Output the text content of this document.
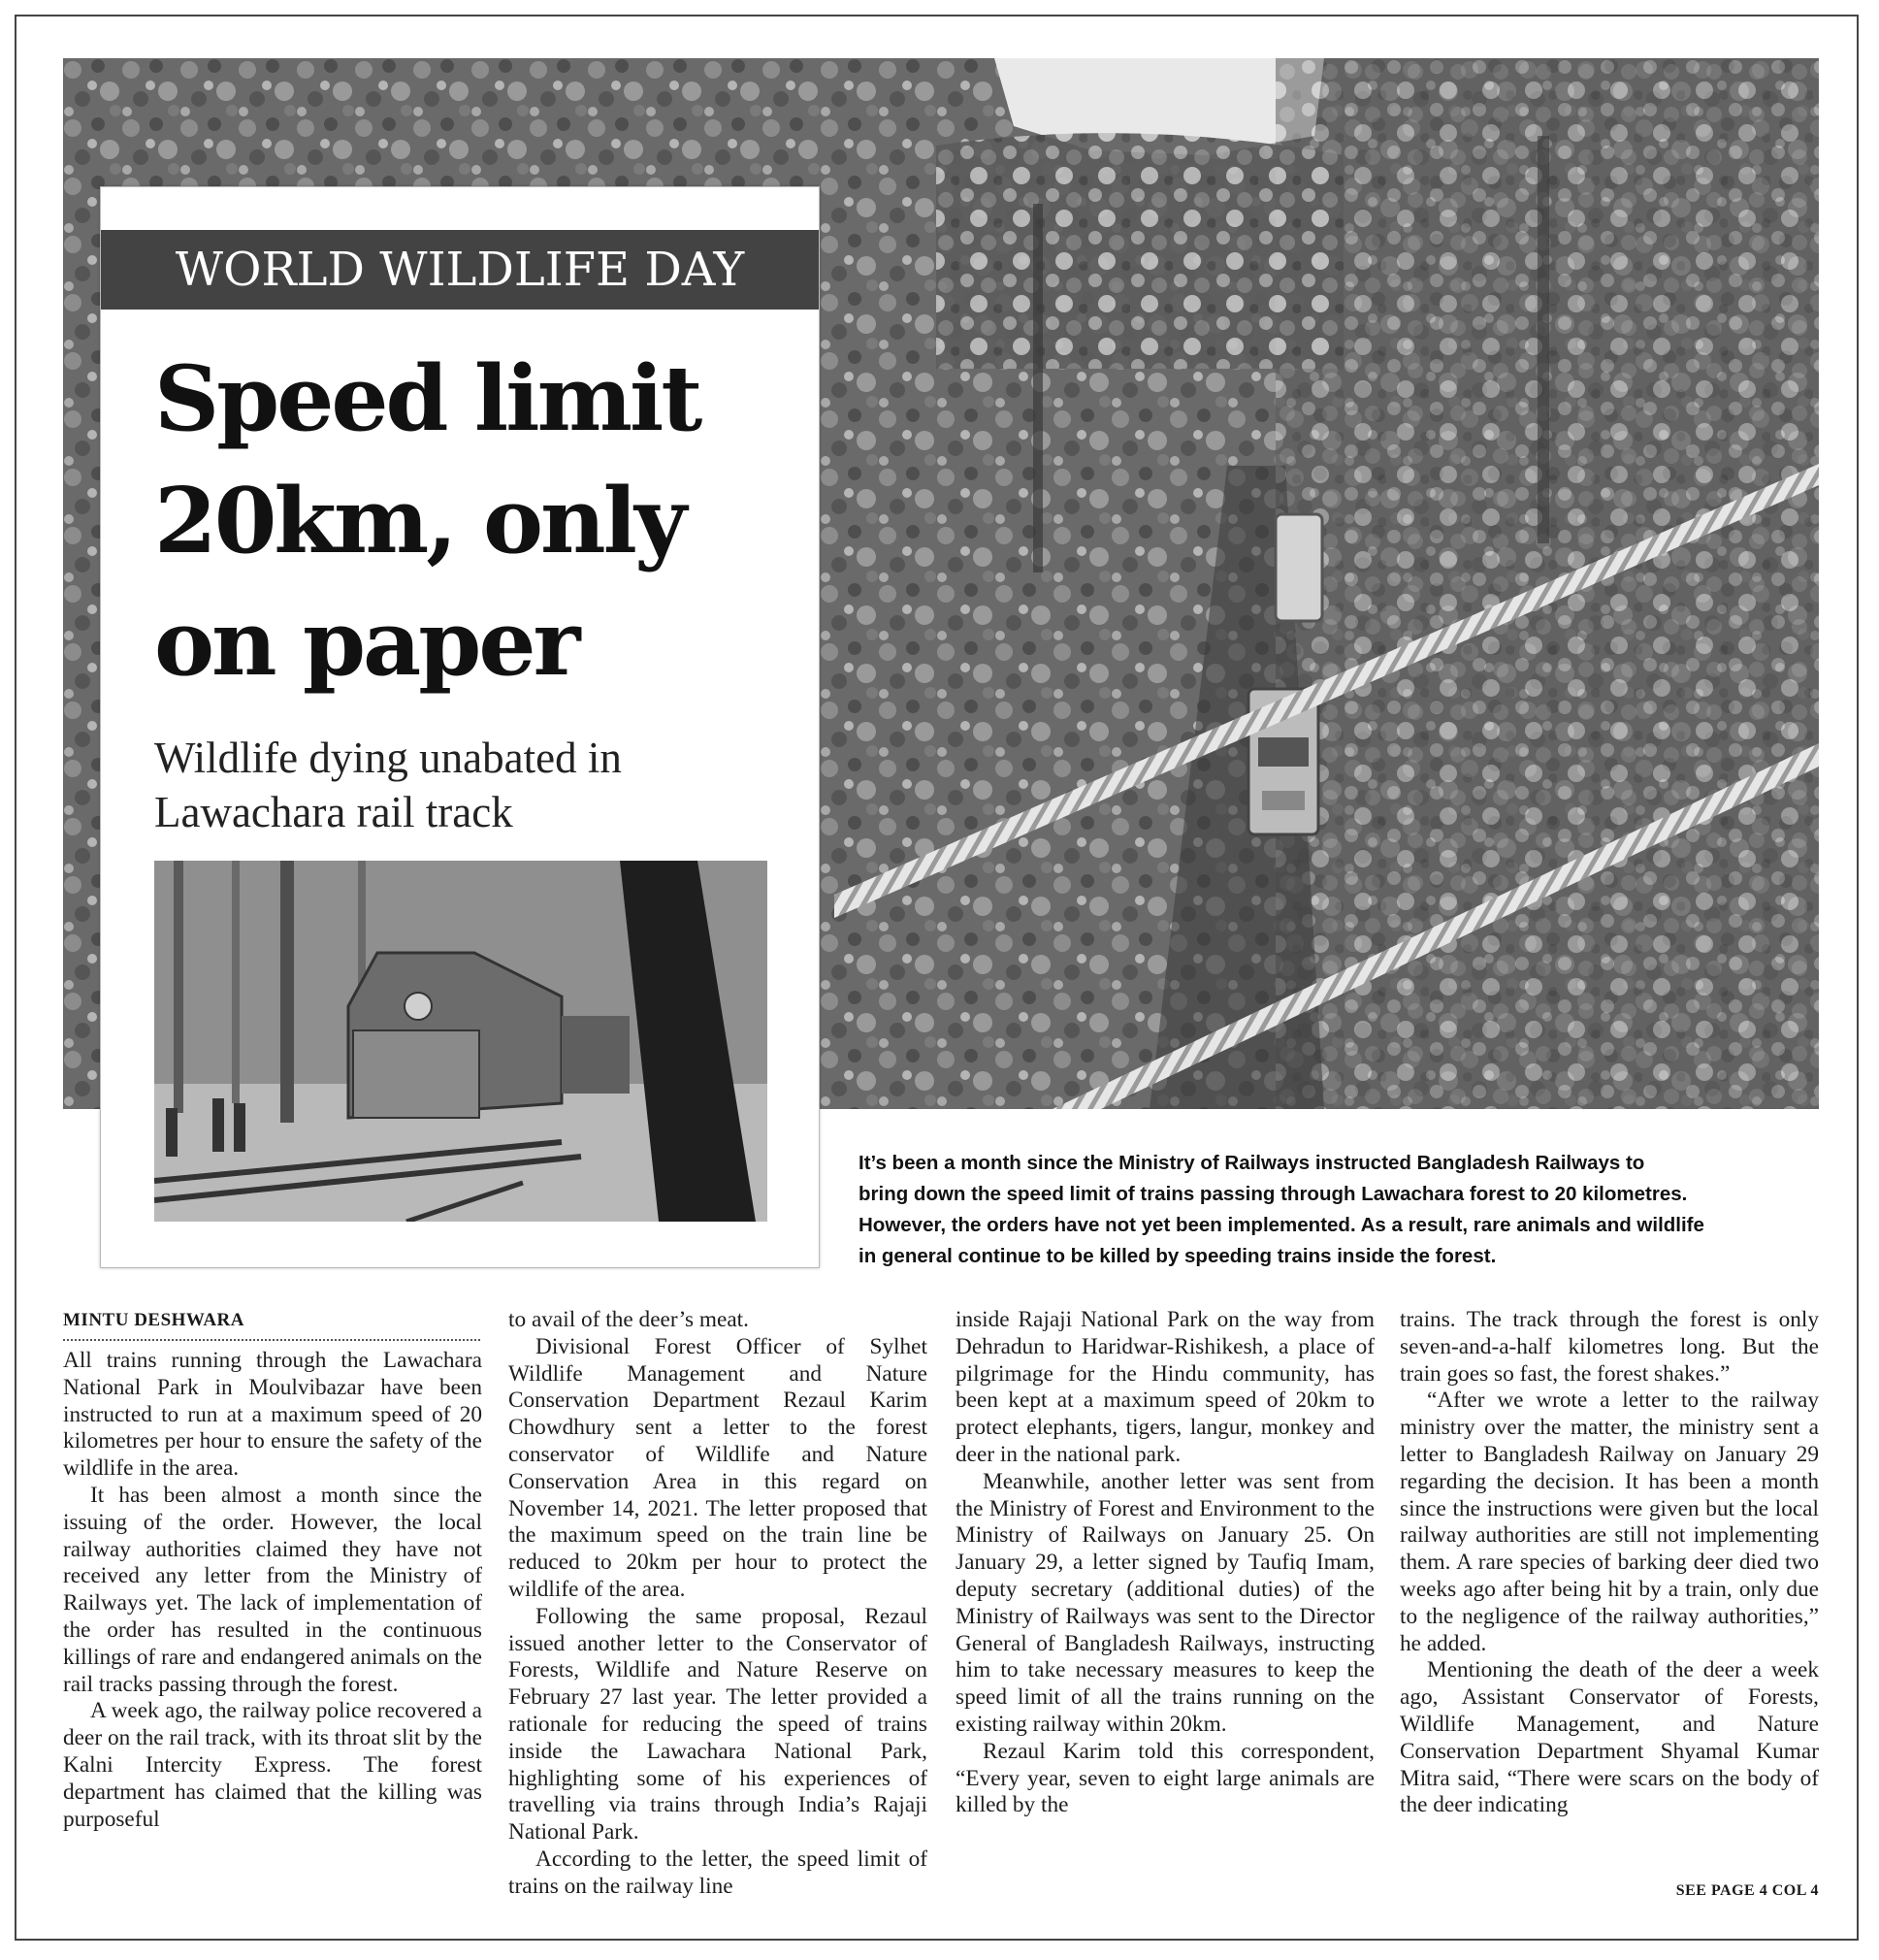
WORLD WILDLIFE DAY
Speed limit
20km, only
on paper
Wildlife dying unabated in
Lawachara rail track
It’s been a month since the Ministry of Railways instructed Bangladesh Railways to
bring down the speed limit of trains passing through Lawachara forest to 20 kilometres.
However, the orders have not yet been implemented. As a result, rare animals and wildlife
in general continue to be killed by speeding trains inside the forest.
MINTU DESHWARA

All trains running through the Lawachara National Park in Moulvibazar have been instructed to run at a maximum speed of 20 kilometres per hour to ensure the safety of the wildlife in the area.

It has been almost a month since the issuing of the order. However, the local railway authorities claimed they have not received any letter from the Ministry of Railways yet. The lack of implementation of the order has resulted in the continuous killings of rare and endangered animals on the rail tracks passing through the forest.

A week ago, the railway police recovered a deer on the rail track, with its throat slit by the Kalni Intercity Express. The forest department has claimed that the killing was purposeful

to avail of the deer’s meat.

Divisional Forest Officer of Sylhet Wildlife Management and Nature Conservation Department Rezaul Karim Chowdhury sent a letter to the forest conservator of Wildlife and Nature Conservation Area in this regard on November 14, 2021. The letter proposed that the maximum speed on the train line be reduced to 20km per hour to protect the wildlife of the area.

Following the same proposal, Rezaul issued another letter to the Conservator of Forests, Wildlife and Nature Reserve on February 27 last year. The letter provided a rationale for reducing the speed of trains inside the Lawachara National Park, highlighting some of his experiences of travelling via trains through India’s Rajaji National Park.

According to the letter, the speed limit of trains on the railway line

inside Rajaji National Park on the way from Dehradun to Haridwar-Rishikesh, a place of pilgrimage for the Hindu community, has been kept at a maximum speed of 20km to protect elephants, tigers, langur, monkey and deer in the national park.

Meanwhile, another letter was sent from the Ministry of Forest and Environment to the Ministry of Railways on January 25. On January 29, a letter signed by Taufiq Imam, deputy secretary (additional duties) of the Ministry of Railways was sent to the Director General of Bangladesh Railways, instructing him to take necessary measures to keep the speed limit of all the trains running on the existing railway within 20km.

Rezaul Karim told this correspondent, “Every year, seven to eight large animals are killed by the

trains. The track through the forest is only seven-and-a-half kilometres long. But the train goes so fast, the forest shakes.”

“After we wrote a letter to the railway ministry over the matter, the ministry sent a letter to Bangladesh Railway on January 29 regarding the decision. It has been a month since the instructions were given but the local railway authorities are still not implementing them. A rare species of barking deer died two weeks ago after being hit by a train, only due to the negligence of the railway authorities,” he added.

Mentioning the death of the deer a week ago, Assistant Conservator of Forests, Wildlife Management, and Nature Conservation Department Shyamal Kumar Mitra said, “There were scars on the body of the deer indicating

SEE PAGE 4 COL 4
